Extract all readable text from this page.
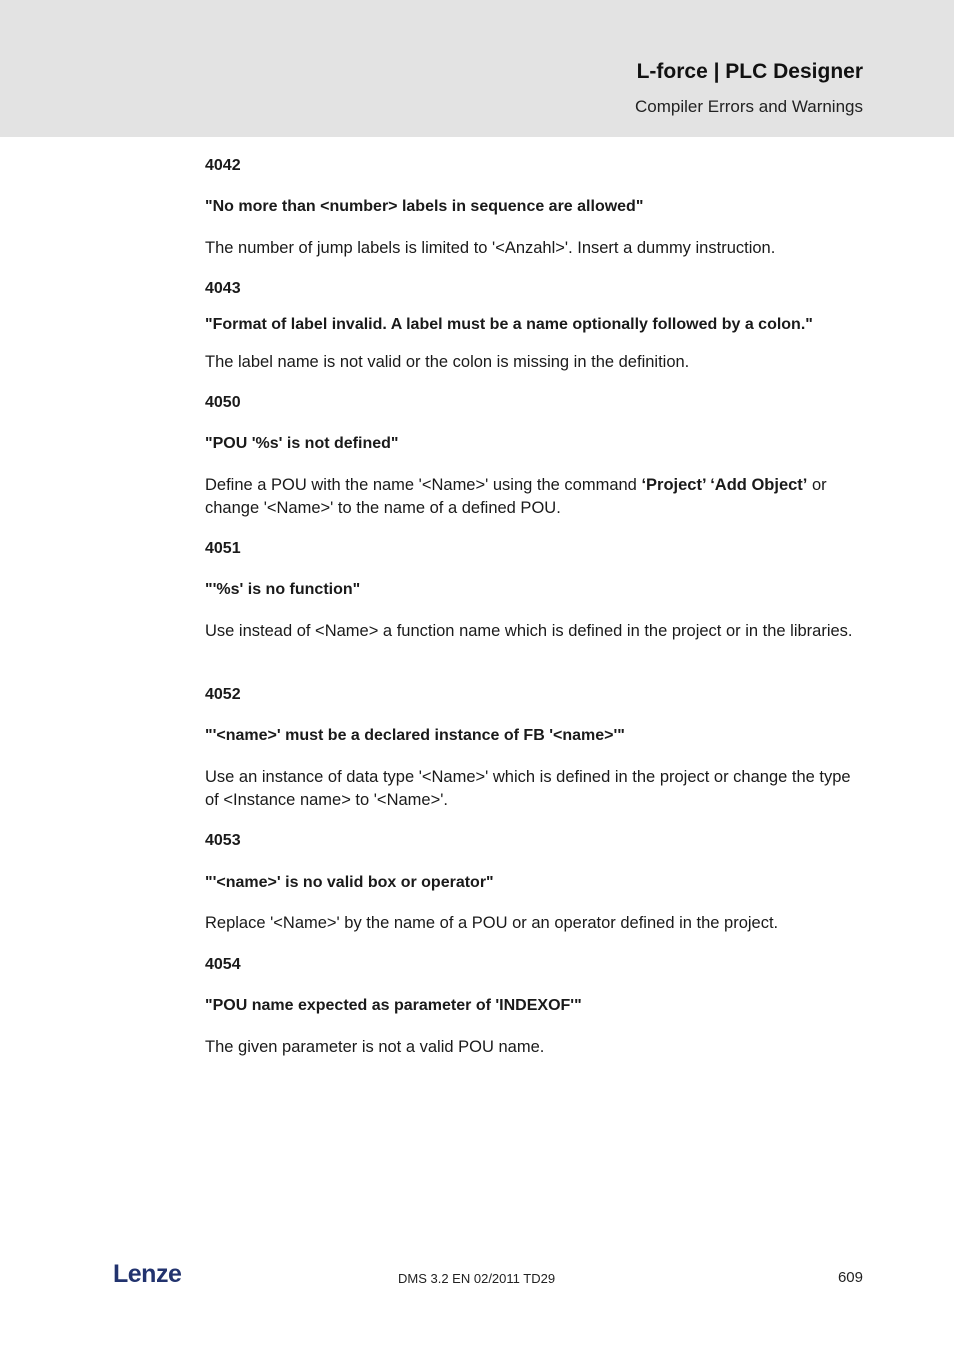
L-force | PLC Designer
Compiler Errors and Warnings

4042

"No more than <number> labels in sequence are allowed"

The number of jump labels is limited to '<Anzahl>'. Insert a dummy instruction.

4043

"Format of label invalid. A label must be a name optionally followed by a colon."

The label name is not valid or the colon is missing in the definition.

4050

"POU '%s' is not defined"

Define a POU with the name '<Name>' using the command ‘Project’ ‘Add Object’ or change '<Name>' to the name of a defined POU.

4051

"'%s' is no function"

Use instead of <Name> a function name which is defined in the project or in the libraries.

4052

"'<name>' must be a declared instance of FB '<name>'"

Use an instance of data type '<Name>' which is defined in the project or change the type of <Instance name> to '<Name>'.

4053

"'<name>' is no valid box or operator"

Replace '<Name>' by the name of a POU or an operator defined in the project.

4054

"POU name expected as parameter of 'INDEXOF'"

The given parameter is not a valid POU name.

Lenze	DMS 3.2 EN 02/2011 TD29	609
